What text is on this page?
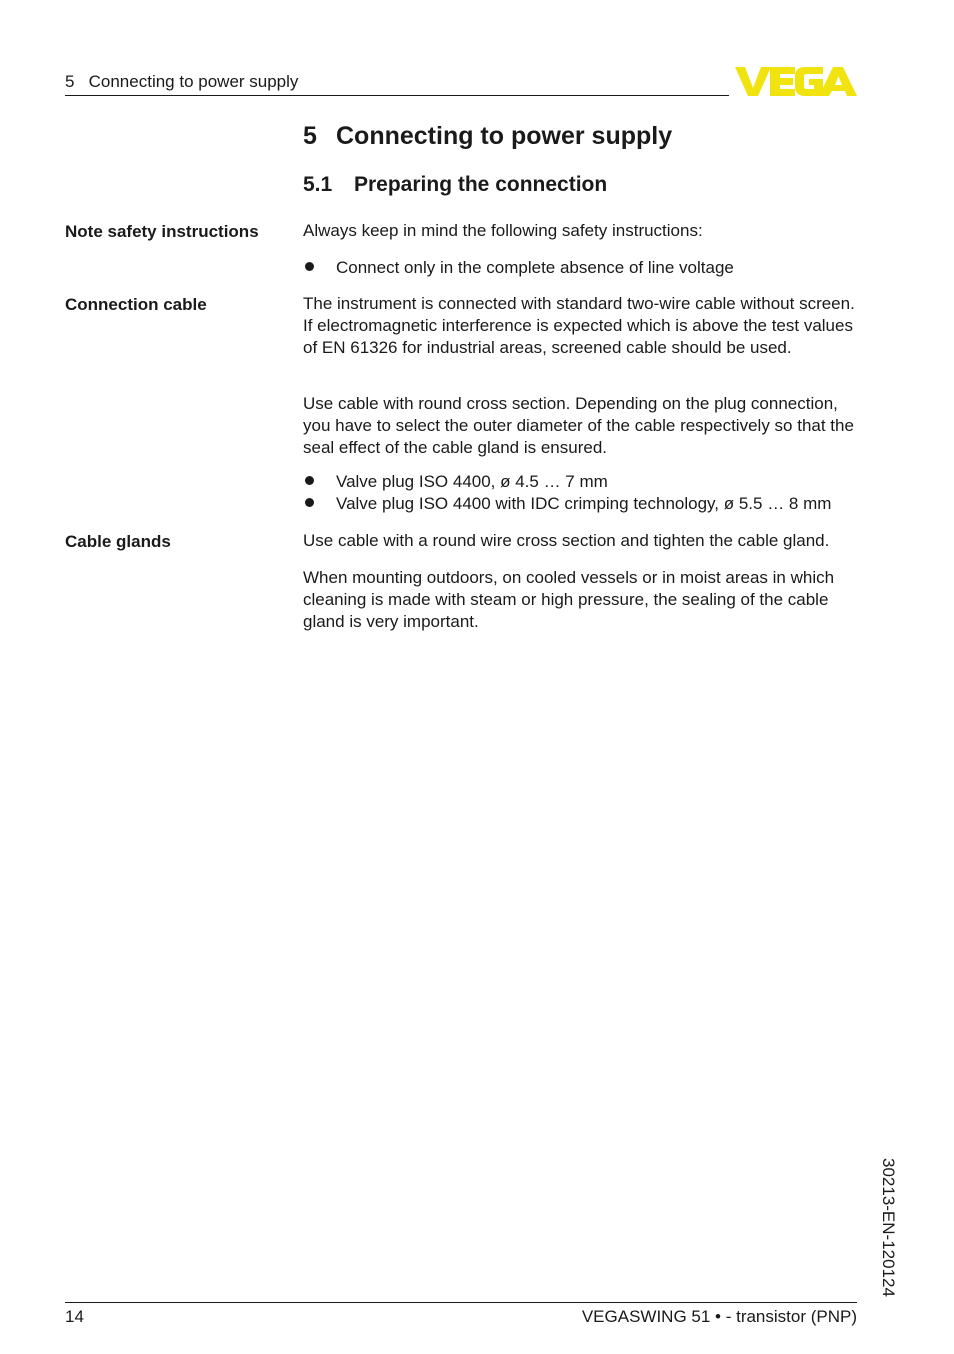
5   Connecting to power supply
5 Connecting to power supply
5.1 Preparing the connection
Note safety instructions	Always keep in mind the following safety instructions:

Connect only in the complete absence of line voltage
Connection cable	The instrument is connected with standard two-wire cable without screen. If electromagnetic interference is expected which is above the test values of EN 61326 for industrial areas, screened cable should be used.

Use cable with round cross section. Depending on the plug connection, you have to select the outer diameter of the cable respectively so that the seal effect of the cable gland is ensured.

Valve plug ISO 4400, ø 4.5 … 7 mm
Valve plug ISO 4400 with IDC crimping technology, ø 5.5 … 8 mm
Cable glands	Use cable with a round wire cross section and tighten the cable gland.

When mounting outdoors, on cooled vessels or in moist areas in which cleaning is made with steam or high pressure, the sealing of the cable gland is very important.

30213-EN-120124
14	VEGASWING 51 • - transistor (PNP)
